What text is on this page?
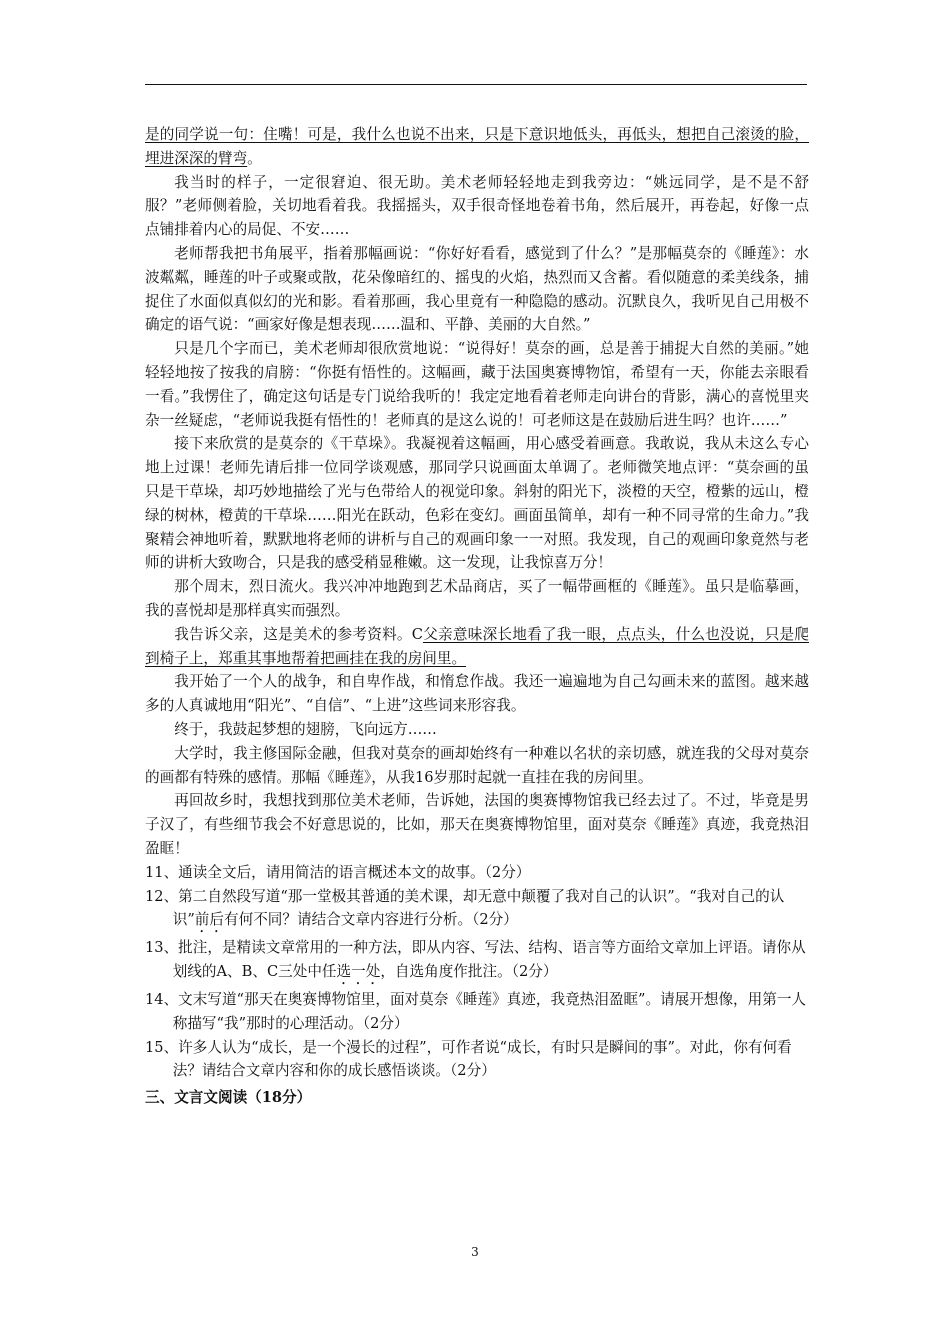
是的同学说一句：住嘴！可是，我什么也说不出来，只是下意识地低头，再低头，想把自己滚烫的脸，埋进深深的臂弯。

我当时的样子，一定很窘迫、很无助。美术老师轻轻地走到我旁边：“姚远同学，是不是不舒服？”老师侧着脸，关切地看着我。我摇摇头，双手很奇怪地卷着书角，然后展开，再卷起，好像一点点铺排着内心的局促、不安……

老师帮我把书角展平，指着那幅画说：“你好好看看，感觉到了什么？”是那幅莫奈的《睡莲》：水波粼粼，睡莲的叶子或聚或散，花朵像暗红的、摇曳的火焰，热烈而又含蓄。看似随意的柔美线条，捕捉住了水面似真似幻的光和影。看着那画，我心里竟有一种隐隐的感动。沉默良久，我听见自己用极不确定的语气说：“画家好像是想表现……温和、平静、美丽的大自然。”

只是几个字而已，美术老师却很欣赏地说：“说得好！莫奈的画，总是善于捕捉大自然的美丽。”她轻轻地按了按我的肩膀：“你挺有悟性的。这幅画，藏于法国奥赛博物馆，希望有一天，你能去亲眼看一看。”我愣住了，确定这句话是专门说给我听的！我定定地看着老师走向讲台的背影，满心的喜悦里夹杂一丝疑虑，“老师说我挺有悟性的！老师真的是这么说的！可老师这是在鼓励后进生吗？也许……”

接下来欣赏的是莫奈的《干草垛》。我凝视着这幅画，用心感受着画意。我敢说，我从未这么专心地上过课！老师先请后排一位同学谈观感，那同学只说画面太单调了。老师微笑地点评：“莫奈画的虽只是干草垛，却巧妙地描绘了光与色带给人的视觉印象。斜射的阳光下，淡橙的天空，橙紫的远山，橙绿的树林，橙黄的干草垛……阳光在跃动，色彩在变幻。画面虽简单，却有一种不同寻常的生命力。”我聚精会神地听着，默默地将老师的讲析与自己的观画印象一一对照。我发现，自己的观画印象竟然与老师的讲析大致吻合，只是我的感受稍显稚嫩。这一发现，让我惊喜万分！

那个周末，烈日流火。我兴冲冲地跑到艺术品商店，买了一幅带画框的《睡莲》。虽只是临摹画，我的喜悦却是那样真实而强烈。

我告诉父亲，这是美术的参考资料。C父亲意味深长地看了我一眼，点点头，什么也没说，只是爬到椅子上，郑重其事地帮着把画挂在我的房间里。

我开始了一个人的战争，和自卑作战，和惰怠作战。我还一遍遍地为自己勾画未来的蓝图。越来越多的人真诚地用“阳光”、“自信”、“上进”这些词来形容我。

终于，我鼓起梦想的翅膀，飞向远方……

大学时，我主修国际金融，但我对莫奈的画却始终有一种难以名状的亲切感，就连我的父母对莫奈的画都有特殊的感情。那幅《睡莲》，从我16岁那时起就一直挂在我的房间里。

再回故乡时，我想找到那位美术老师，告诉她，法国的奥赛博物馆我已经去过了。不过，毕竟是男子汉了，有些细节我会不好意思说的，比如，那天在奥赛博物馆里，面对莫奈《睡莲》真迹，我竟热泪盈眶！

11、通读全文后，请用简洁的语言概述本文的故事。（2分）

12、第二自然段写道“那一堂极其普通的美术课，却无意中颠覆了我对自己的认识”。“我对自己的认识”前后有何不同？请结合文章内容进行分析。（2分）

13、批注，是精读文章常用的一种方法，即从内容、写法、结构、语言等方面给文章加上评语。请你从划线的A、B、C三处中任选一处，自选角度作批注。（2分）

14、文末写道“那天在奥赛博物馆里，面对莫奈《睡莲》真迹，我竟热泪盈眶”。请展开想像，用第一人称描写“我”那时的心理活动。（2分）

15、许多人认为“成长，是一个漫长的过程”，可作者说“成长，有时只是瞬间的事”。对此，你有何看法？请结合文章内容和你的成长感悟谈谈。（2分）

三、文言文阅读（18分）

3
